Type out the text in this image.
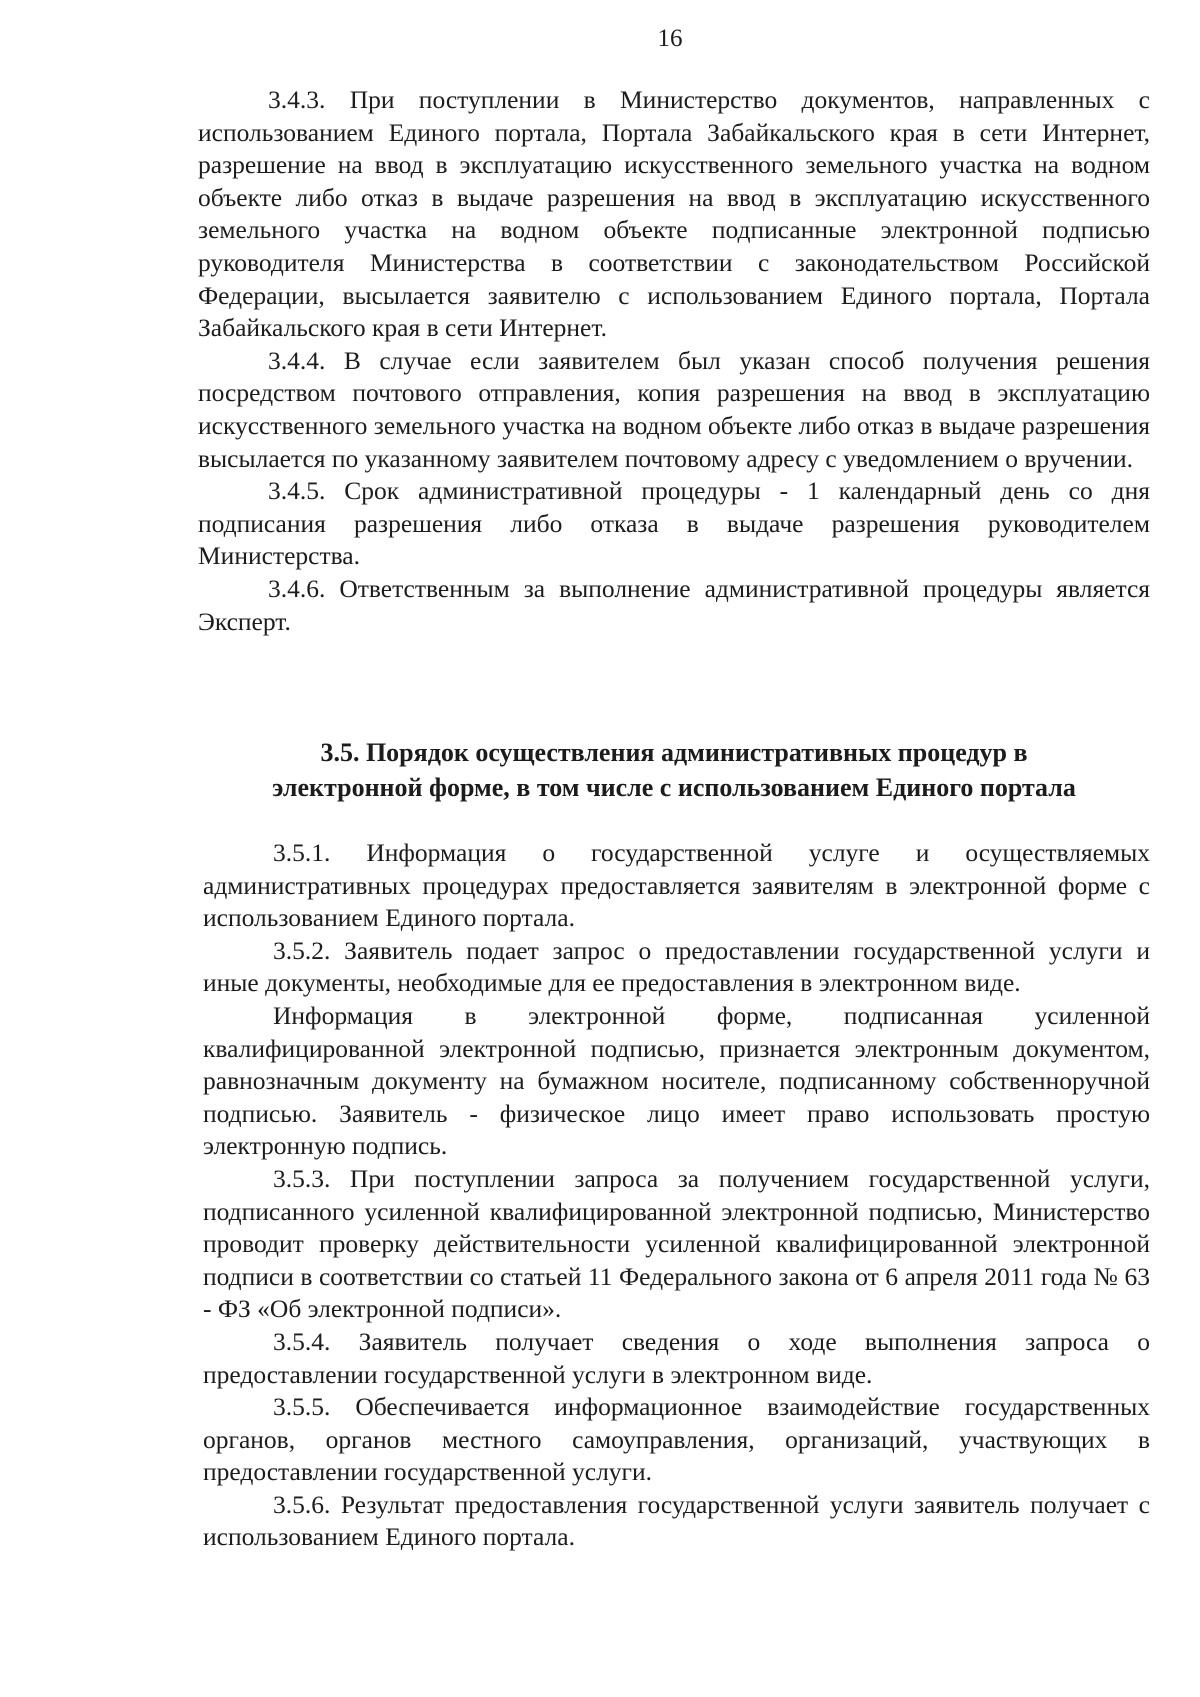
16

3.4.3. При поступлении в Министерство документов, направленных с использованием Единого портала, Портала Забайкальского края в сети Интернет, разрешение на ввод в эксплуатацию искусственного земельного участка на водном объекте либо отказ в выдаче разрешения на ввод в эксплуатацию искусственного земельного участка на водном объекте подписанные электронной подписью руководителя Министерства в соответствии с законодательством Российской Федерации, высылается заявителю с использованием Единого портала, Портала Забайкальского края в сети Интернет.

3.4.4. В случае если заявителем был указан способ получения решения посредством почтового отправления, копия разрешения на ввод в эксплуатацию искусственного земельного участка на водном объекте либо отказ в выдаче разрешения высылается по указанному заявителем почтовому адресу с уведомлением о вручении.

3.4.5. Срок административной процедуры - 1 календарный день со дня подписания разрешения либо отказа в выдаче разрешения руководителем Министерства.

3.4.6. Ответственным за выполнение административной процедуры является Эксперт.

3.5. Порядок осуществления административных процедур в
электронной форме, в том числе с использованием Единого портала

3.5.1. Информация о государственной услуге и осуществляемых административных процедурах предоставляется заявителям в электронной форме с использованием Единого портала.

3.5.2. Заявитель подает запрос о предоставлении государственной услуги и иные документы, необходимые для ее предоставления в электронном виде.

Информация в электронной форме, подписанная усиленной квалифицированной электронной подписью, признается электронным документом, равнозначным документу на бумажном носителе, подписанному собственноручной подписью. Заявитель - физическое лицо имеет право использовать простую электронную подпись.

3.5.3. При поступлении запроса за получением государственной услуги, подписанного усиленной квалифицированной электронной подписью, Министерство проводит проверку действительности усиленной квалифицированной электронной подписи в соответствии со статьей 11 Федерального закона от 6 апреля 2011 года № 63 - ФЗ «Об электронной подписи».

3.5.4. Заявитель получает сведения о ходе выполнения запроса о предоставлении государственной услуги в электронном виде.

3.5.5. Обеспечивается информационное взаимодействие государственных органов, органов местного самоуправления, организаций, участвующих в предоставлении государственной услуги.

3.5.6. Результат предоставления государственной услуги заявитель получает с использованием Единого портала.
